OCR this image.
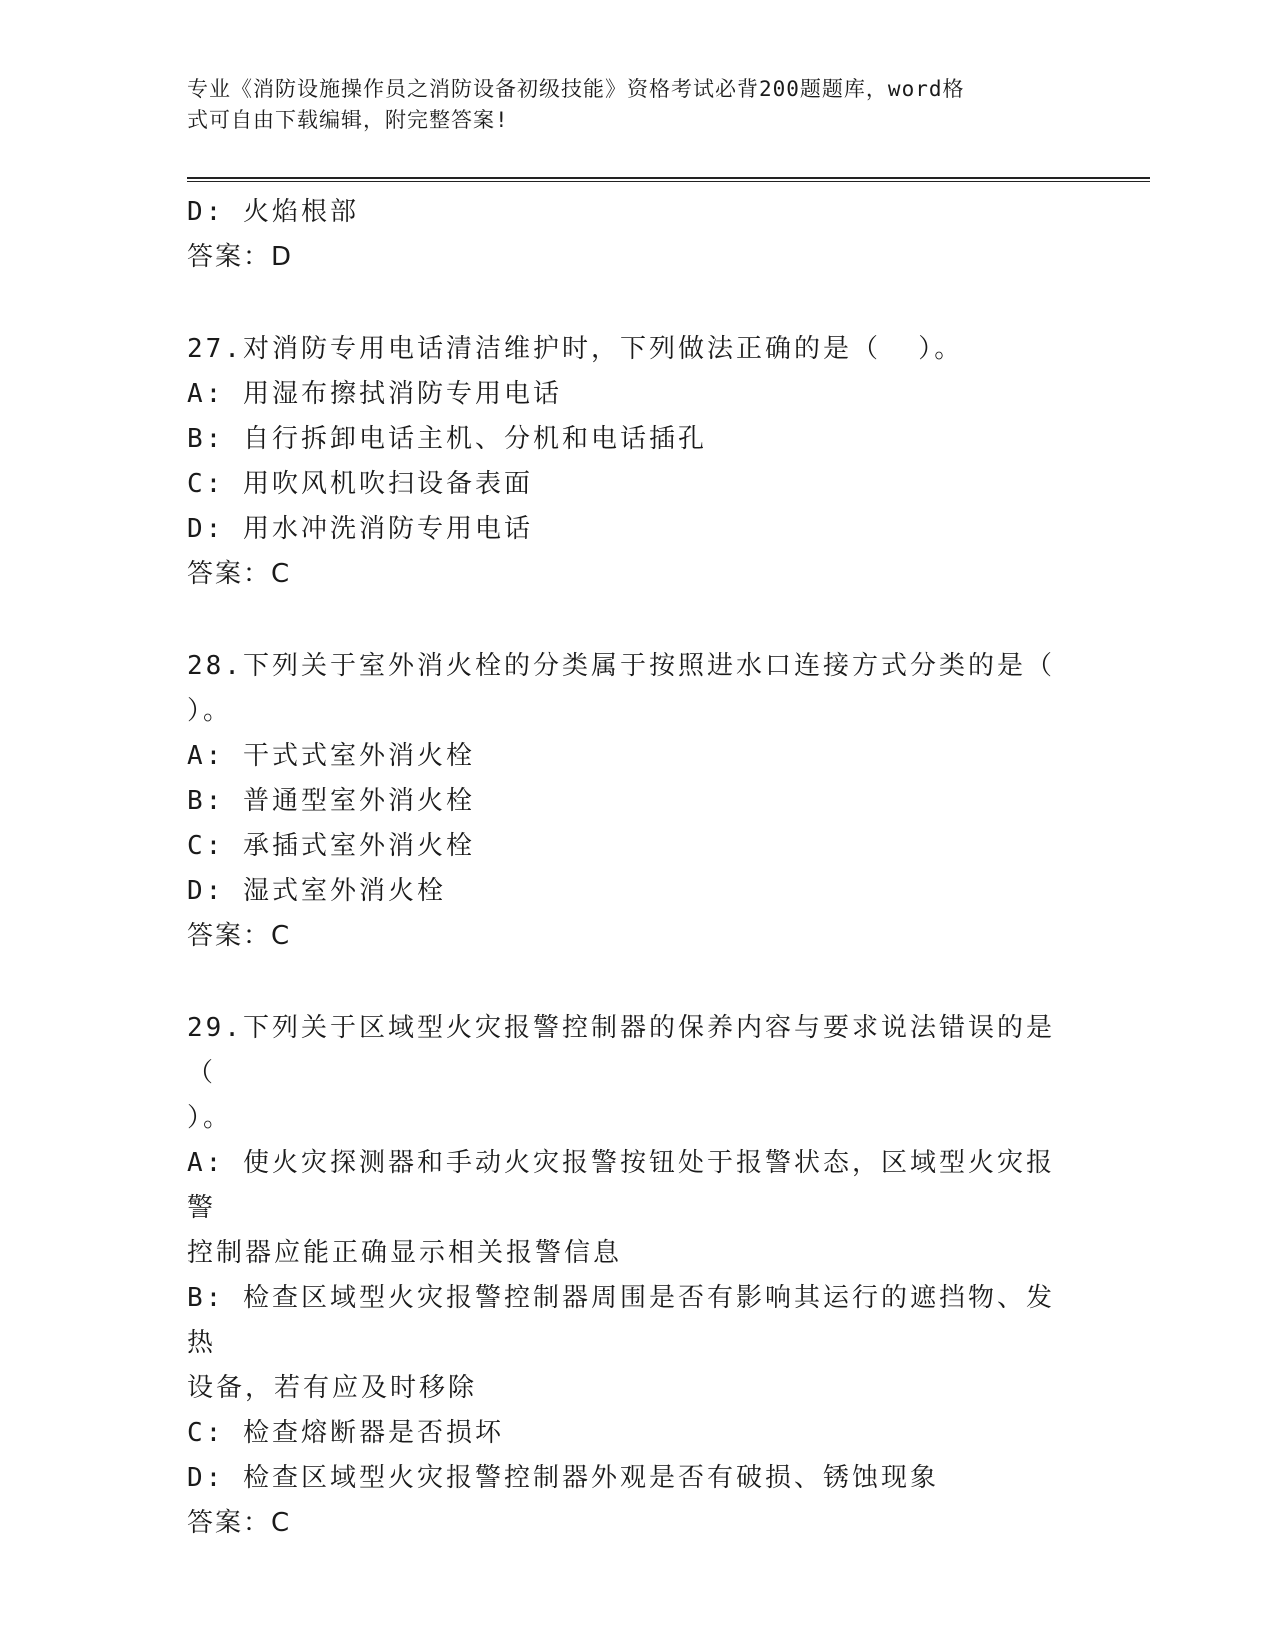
专业《消防设施操作员之消防设备初级技能》资格考试必背200题题库，word格
式可自由下载编辑，附完整答案!
D: 火焰根部
答案：D
27.对消防专用电话清洁维护时，下列做法正确的是（  ）。
A: 用湿布擦拭消防专用电话
B: 自行拆卸电话主机、分机和电话插孔
C: 用吹风机吹扫设备表面
D: 用水冲洗消防专用电话
答案：C
28.下列关于室外消火栓的分类属于按照进水口连接方式分类的是（
）。
A: 干式式室外消火栓
B: 普通型室外消火栓
C: 承插式室外消火栓
D: 湿式室外消火栓
答案：C
29.下列关于区域型火灾报警控制器的保养内容与要求说法错误的是（
）。
A: 使火灾探测器和手动火灾报警按钮处于报警状态，区域型火灾报警
控制器应能正确显示相关报警信息
B: 检查区域型火灾报警控制器周围是否有影响其运行的遮挡物、发热
设备，若有应及时移除
C: 检查熔断器是否损坏
D: 检查区域型火灾报警控制器外观是否有破损、锈蚀现象
答案：C
